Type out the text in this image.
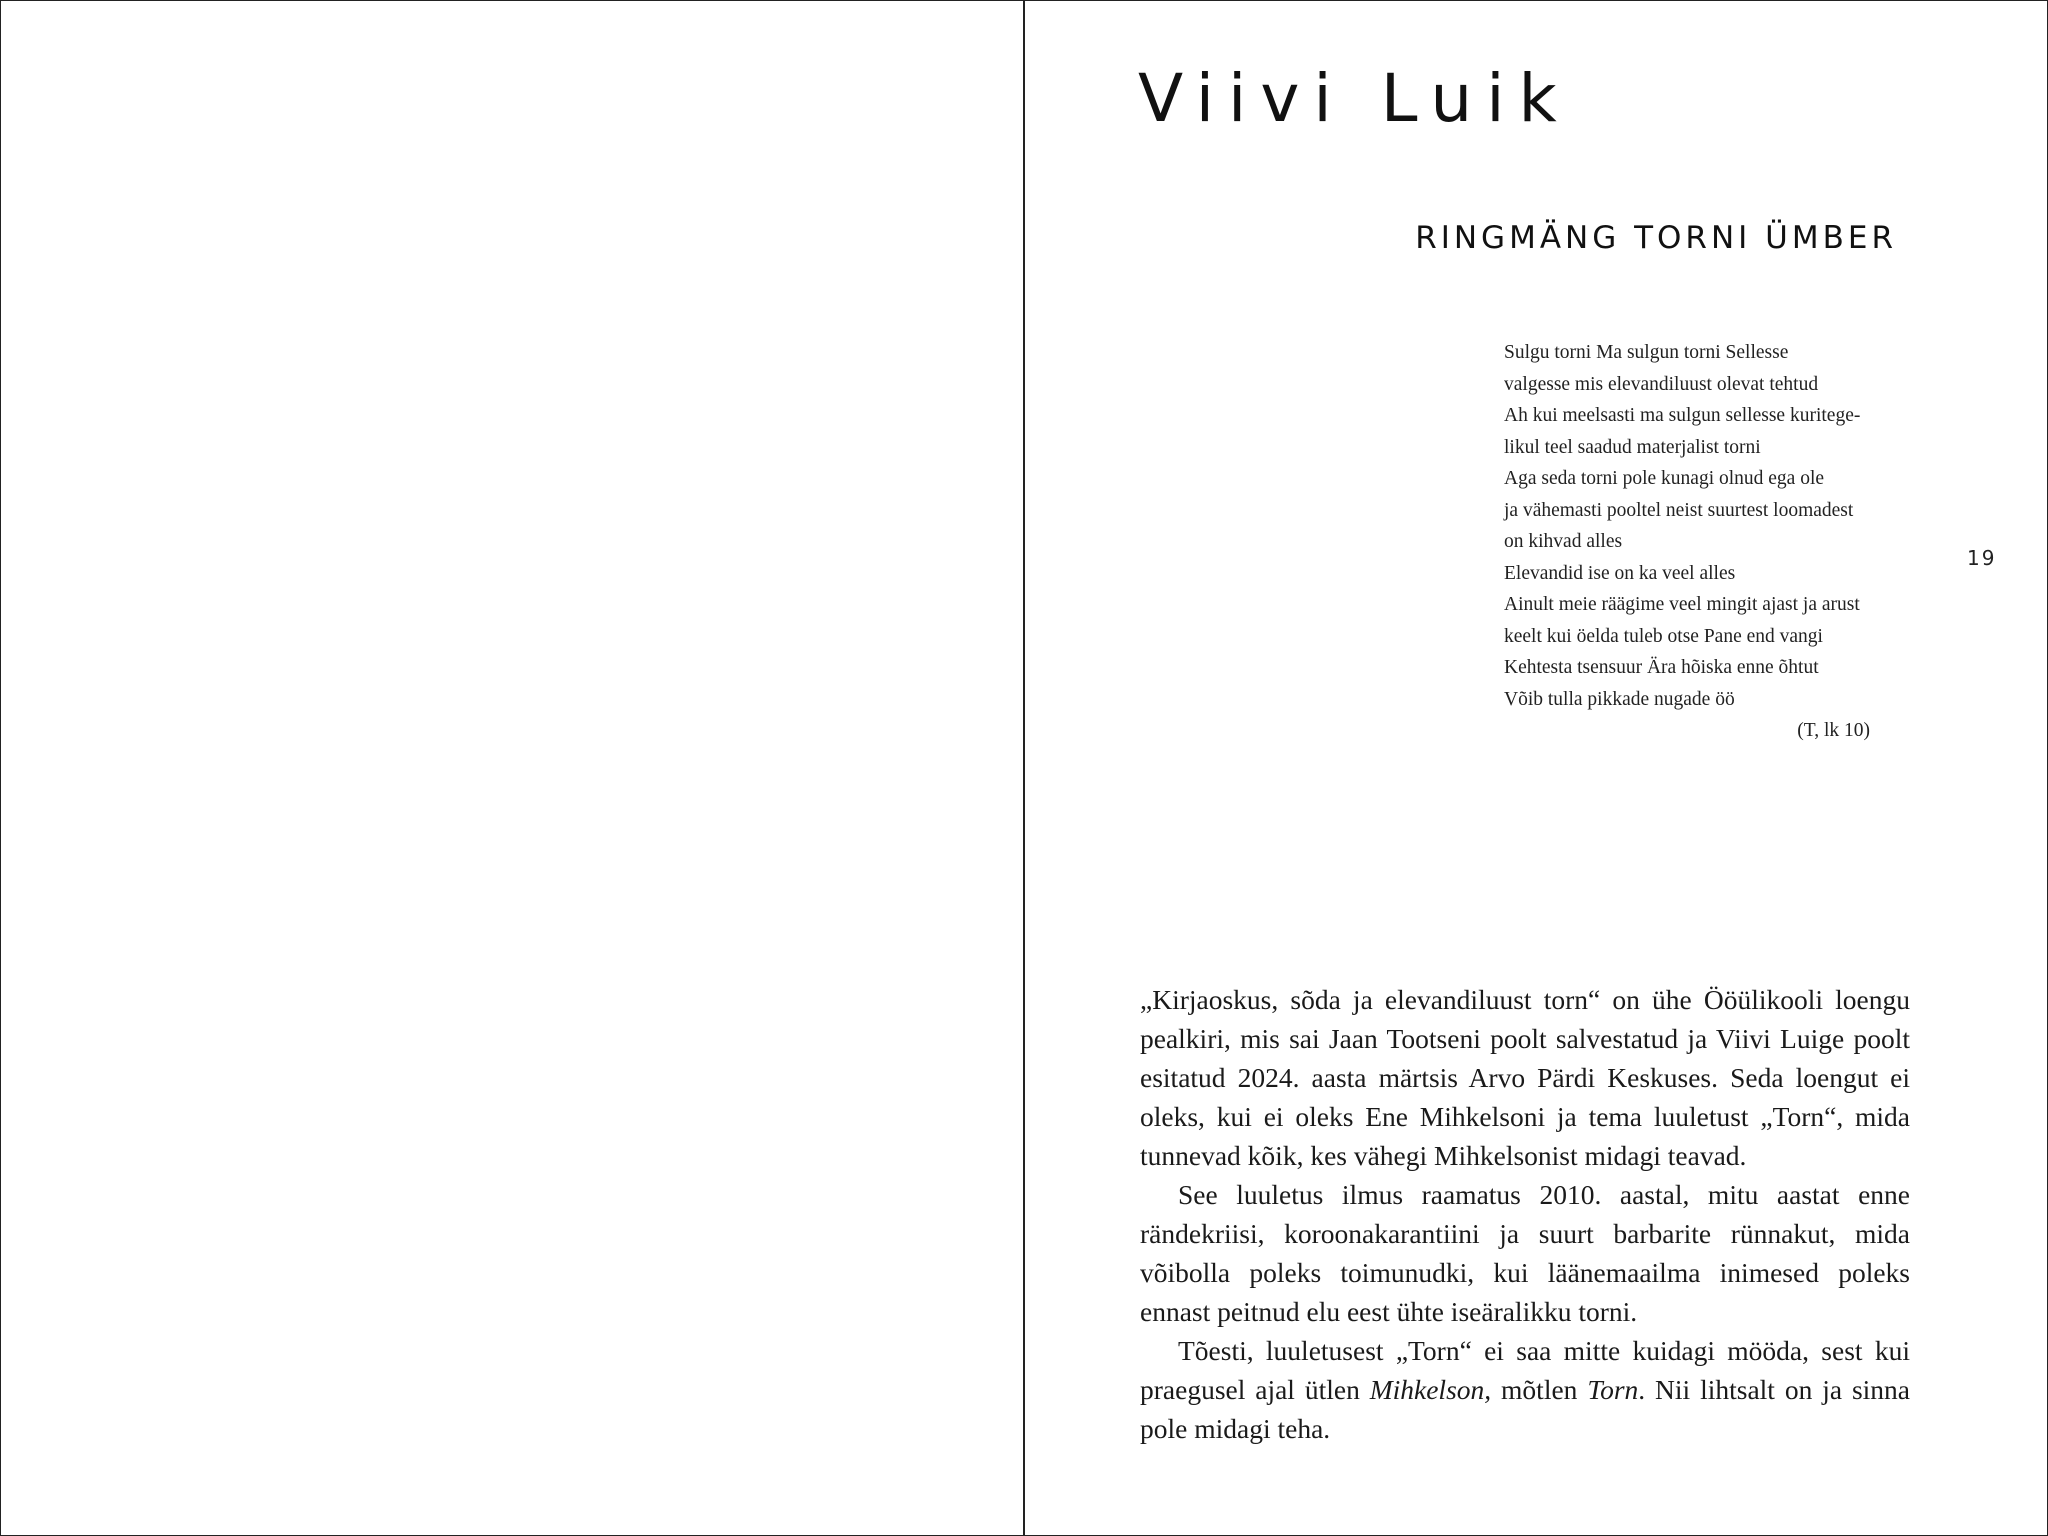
Viivi Luik
RINGMÄNG TORNI ÜMBER
Sulgu torni Ma sulgun torni Sellesse
valgesse mis elevandiluust olevat tehtud
Ah kui meelsasti ma sulgun sellesse kuritege-
likul teel saadud materjalist torni
Aga seda torni pole kunagi olnud ega ole
ja vähemasti pooltel neist suurtest loomadest
on kihvad alles
Elevandid ise on ka veel alles
Ainult meie räägime veel mingit ajast ja arust
keelt kui öelda tuleb otse Pane end vangi
Kehtesta tsensuur Ära hõiska enne õhtut
Võib tulla pikkade nugade öö
(T, lk 10)
19

„Kirjaoskus, sõda ja elevandiluust torn“ on ühe Ööülikooli loengu pealkiri, mis sai Jaan Tootseni poolt salvestatud ja Viivi Luige poolt esitatud 2024. aasta märtsis Arvo Pärdi Keskuses. Seda loengut ei oleks, kui ei oleks Ene Mihkelsoni ja tema luuletust „Torn“, mida tunnevad kõik, kes vähegi Mihkelsonist midagi teavad.

See luuletus ilmus raamatus 2010. aastal, mitu aastat enne rändekriisi, koroonakarantiini ja suurt barbarite rünnakut, mida võibolla poleks toimunudki, kui läänemaailma inimesed poleks ennast peitnud elu eest ühte iseäralikku torni.

Tõesti, luuletusest „Torn“ ei saa mitte kuidagi mööda, sest kui praegusel ajal ütlen Mihkelson, mõtlen Torn. Nii lihtsalt on ja sinna pole midagi teha.
